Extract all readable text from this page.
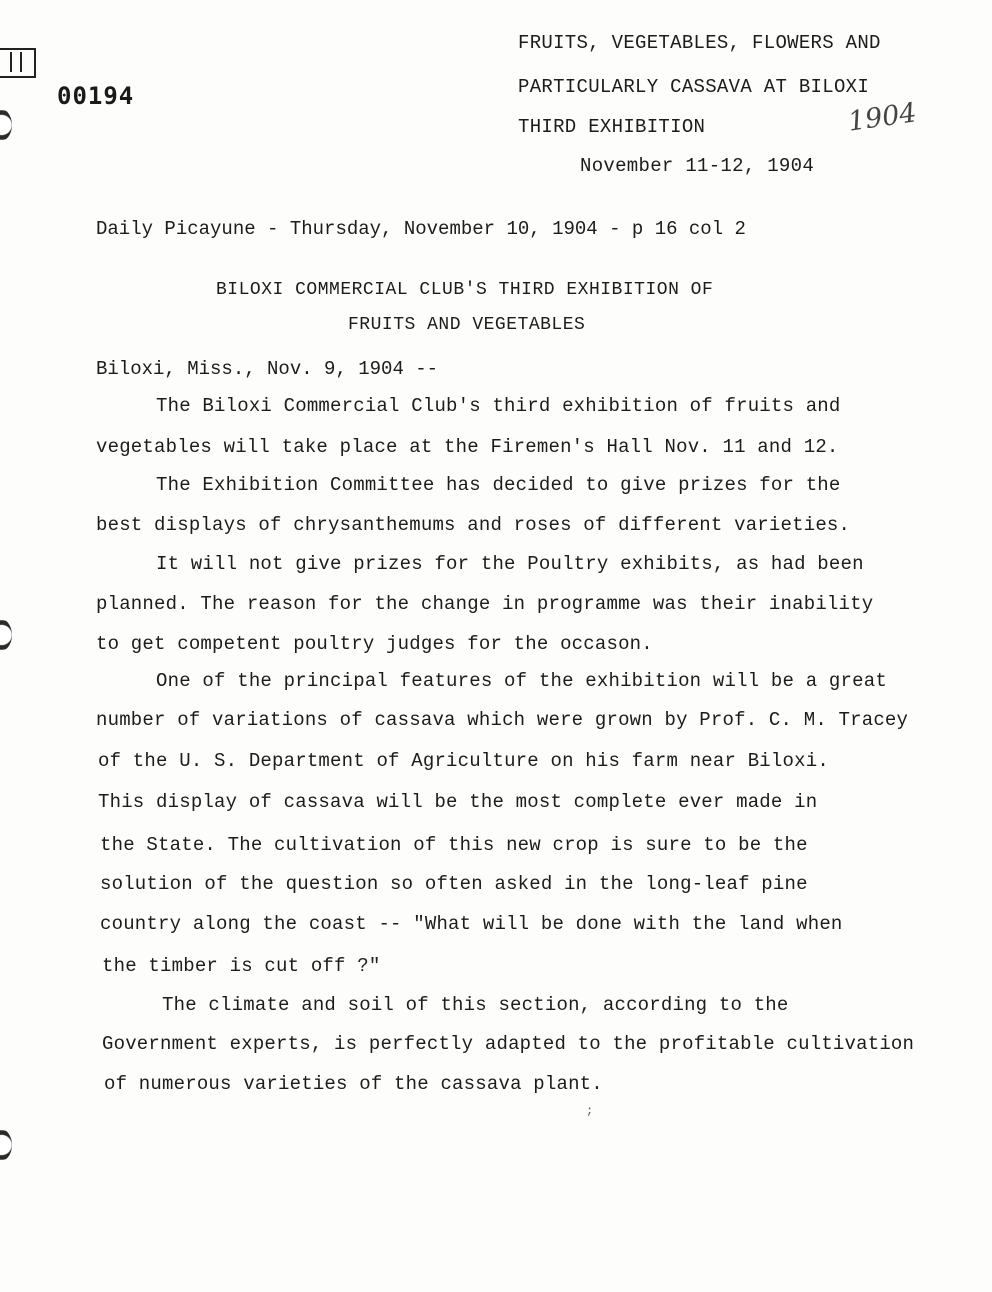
00194
FRUITS, VEGETABLES, FLOWERS AND
PARTICULARLY CASSAVA AT BILOXI
THIRD EXHIBITION
November 11-12, 1904
1904
Daily Picayune - Thursday, November 10, 1904 - p 16 col 2
BILOXI COMMERCIAL CLUB'S THIRD EXHIBITION OF
FRUITS AND VEGETABLES
Biloxi, Miss., Nov. 9, 1904 --
The Biloxi Commercial Club's third exhibition of fruits and
vegetables will take place at the Firemen's Hall Nov. 11 and 12.
The Exhibition Committee has decided to give prizes for the
best displays of chrysanthemums and roses of different varieties.
It will not give prizes for the Poultry exhibits, as had been
planned. The reason for the change in programme was their inability
to get competent poultry judges for the occason.
One of the principal features of the exhibition will be a great
number of variations of cassava which were grown by Prof. C. M. Tracey
of the U. S. Department of Agriculture on his farm near Biloxi.
This display of cassava will be the most complete ever made in
the State. The cultivation of this new crop is sure to be the
solution of the question so often asked in the long-leaf pine
country along the coast -- "What will be done with the land when
the timber is cut off ?"
The climate and soil of this section, according to the
Government experts, is perfectly adapted to the profitable cultivation
of numerous varieties of the cassava plant.
;
